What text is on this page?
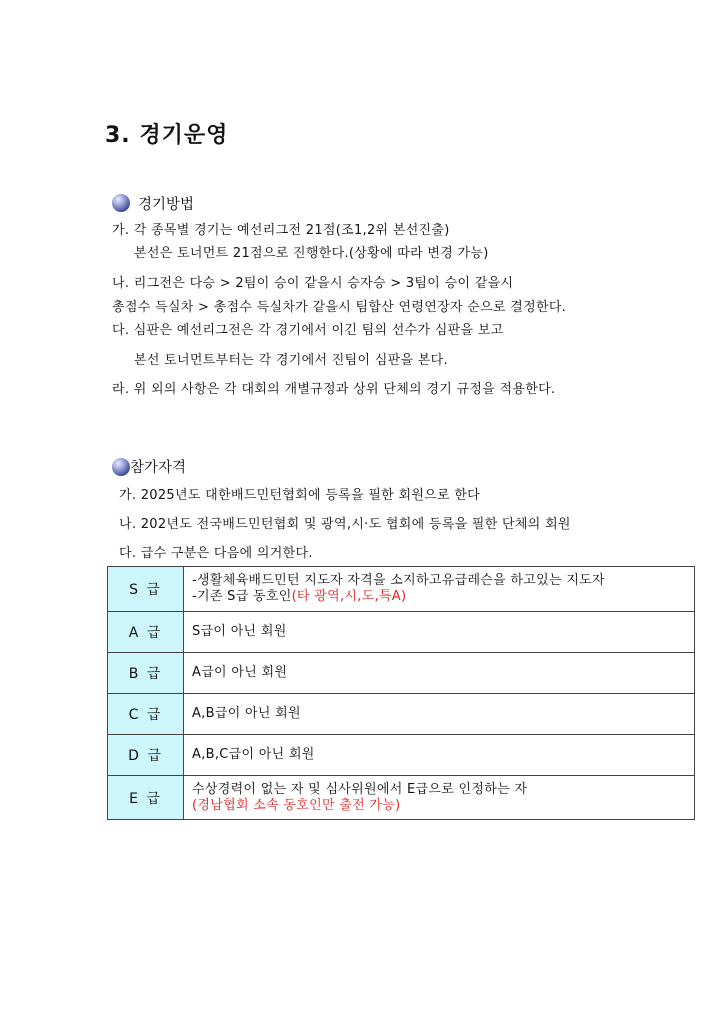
3. 경기운영
경기방법
가. 각 종목별 경기는 예선리그전 21점(조1,2위 본선진출)
본선은 토너먼트 21점으로 진행한다.(상황에 따라 변경 가능)
나. 리그전은 다승 > 2팀이 승이 같을시 승자승 > 3팀이 승이 같을시
총점수 득실차 > 총점수 득실차가 같을시 팀합산 연령연장자 순으로 결정한다.
다. 심판은 예선리그전은 각 경기에서 이긴 팀의 선수가 심판을 보고
본선 토너먼트부터는 각 경기에서 진팀이 심판을 본다.
라. 위 외의 사항은 각 대회의 개별규정과 상위 단체의 경기 규정을 적용한다.
참가자격
가. 2025년도 대한배드민턴협회에 등록을 필한 회원으로 한다
나. 202년도 전국배드민턴협회 및 광역,시·도 협회에 등록을 필한 단체의 회원
다. 급수 구분은 다음에 의거한다.
S 급	-생활체육배드민턴 지도자 자격을 소지하고유급레슨을 하고있는 지도자
-기존 S급 동호인(타 광역,시,도,특A)

A 급	S급이 아닌 회원
B 급	A급이 아닌 회원
C 급	A,B급이 아닌 회원
D 급	A,B,C급이 아닌 회원
E 급	수상경력이 없는 자 및 심사위원에서 E급으로 인정하는 자
(경남협회 소속 동호인만 출전 가능)
